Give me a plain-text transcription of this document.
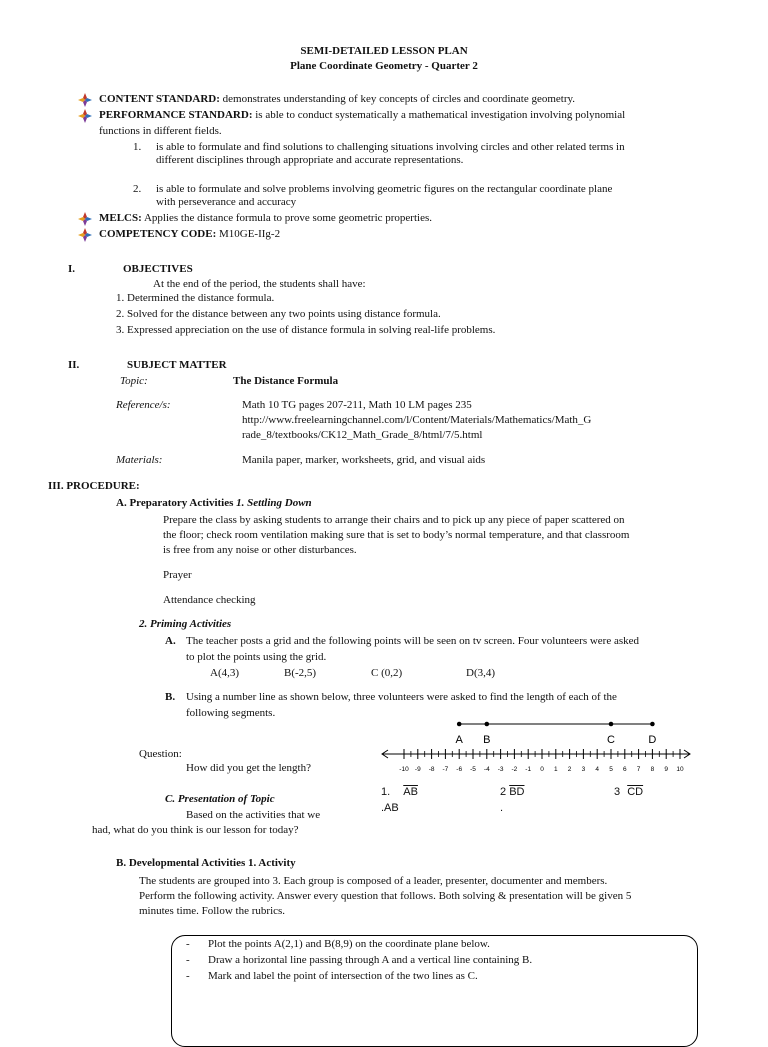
SEMI-DETAILED LESSON PLAN
Plane Coordinate Geometry - Quarter 2
CONTENT STANDARD: demonstrates understanding of key concepts of circles and coordinate geometry.
PERFORMANCE STANDARD: is able to conduct systematically a mathematical investigation involving polynomial
functions in different fields.
1. is able to formulate and find solutions to challenging situations involving circles and other related terms in
different disciplines through appropriate and accurate representations.
2. is able to formulate and solve problems involving geometric figures on the rectangular coordinate plane
with perseverance and accuracy
MELCS: Applies the distance formula to prove some geometric properties.
COMPETENCY CODE: M10GE-IIg-2
I.	OBJECTIVES
At the end of the period, the students shall have:
1. Determined the distance formula.
2. Solved for the distance between any two points using distance formula.
3. Expressed appreciation on the use of distance formula in solving real-life problems.
II.	SUBJECT MATTER
Topic:	The Distance Formula
Reference/s:	Math 10 TG pages 207-211, Math 10 LM pages 235
http://www.freelearningchannel.com/l/Content/Materials/Mathematics/Math_G
rade_8/textbooks/CK12_Math_Grade_8/html/7/5.html
Materials:	Manila paper, marker, worksheets, grid, and visual aids
III. PROCEDURE:
A. Preparatory Activities 1. Settling Down
Prepare the class by asking students to arrange their chairs and to pick up any piece of paper scattered on
the floor; check room ventilation making sure that is set to body’s normal temperature, and that classroom
is free from any noise or other disturbances.
Prayer
Attendance checking
2. Priming Activities
A. The teacher posts a grid and the following points will be seen on tv screen. Four volunteers were asked
to plot the points using the grid.
A(4,3)	B(-2,5)	C (0,2)	D(3,4)
B. Using a number line as shown below, three volunteers were asked to find the length of each of the
following segments.
Question:
How did you get the length?	-10 -9 -8 -7 -6 -5 -4 -3 -2 -1 0 1 2 3 4 5 6 7 8 9 10
A B	C	D
1. $\overline{AB}$	2 $\overline{BD}$	3 $\overline{CD}$
.AB	.
C. Presentation of Topic
Based on the activities that we
had, what do you think is our lesson for today?
B. Developmental Activities 1. Activity
The students are grouped into 3. Each group is composed of a leader, presenter, documenter and members.
Perform the following activity. Answer every question that follows. Both solving & presentation will be given 5
minutes time. Follow the rubrics.
- Plot the points A(2,1) and B(8,9) on the coordinate plane below.
- Draw a horizontal line passing through A and a vertical line containing B.
- Mark and label the point of intersection of the two lines as C.
